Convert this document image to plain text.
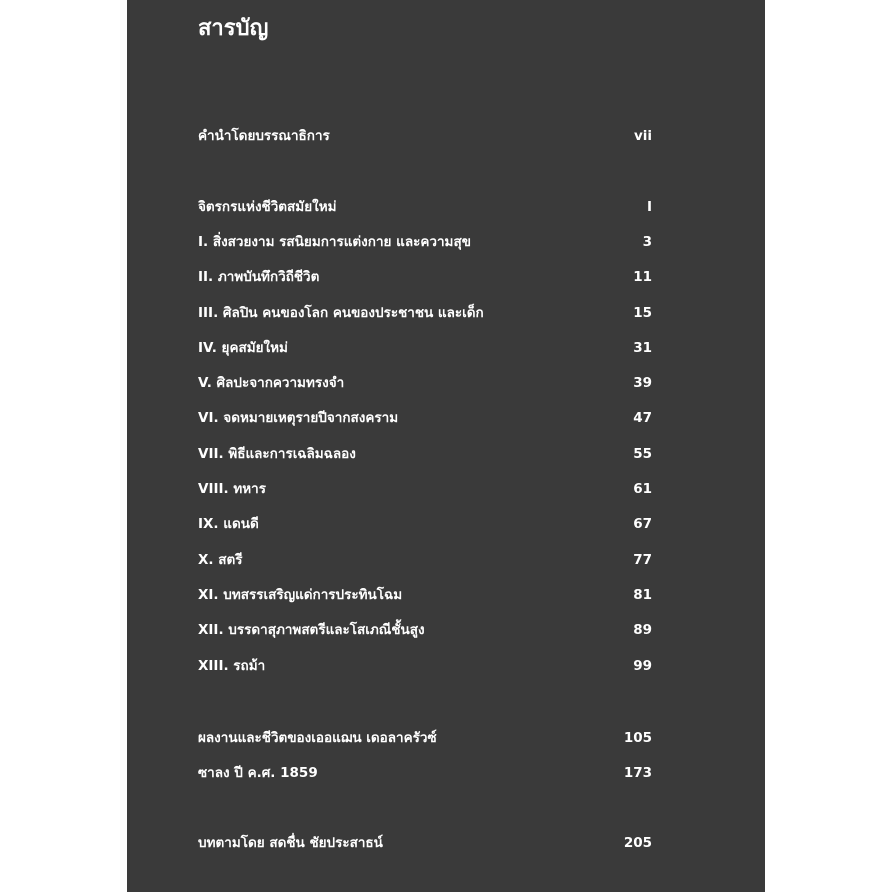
สารบัญ
คำนำโดยบรรณาธิการ	vii
จิตรกรแห่งชีวิตสมัยใหม่	I
I. สิ่งสวยงาม รสนิยมการแต่งกาย และความสุข	3
II. ภาพบันทึกวิถีชีวิต	11
III. ศิลปิน คนของโลก คนของประชาชน และเด็ก	15
IV. ยุคสมัยใหม่	31
V. ศิลปะจากความทรงจำ	39
VI. จดหมายเหตุรายปีจากสงคราม	47
VII. พิธีและการเฉลิมฉลอง	55
VIII. ทหาร	61
IX. แดนดี	67
X. สตรี	77
XI. บทสรรเสริญแด่การประทินโฉม	81
XII. บรรดาสุภาพสตรีและโสเภณีชั้นสูง	89
XIII. รถม้า	99
ผลงานและชีวิตของเออแฌน เดอลาครัวซ์	105
ซาลง ปี ค.ศ. 1859	173
บทตามโดย สดชื่น ชัยประสาธน์	205
